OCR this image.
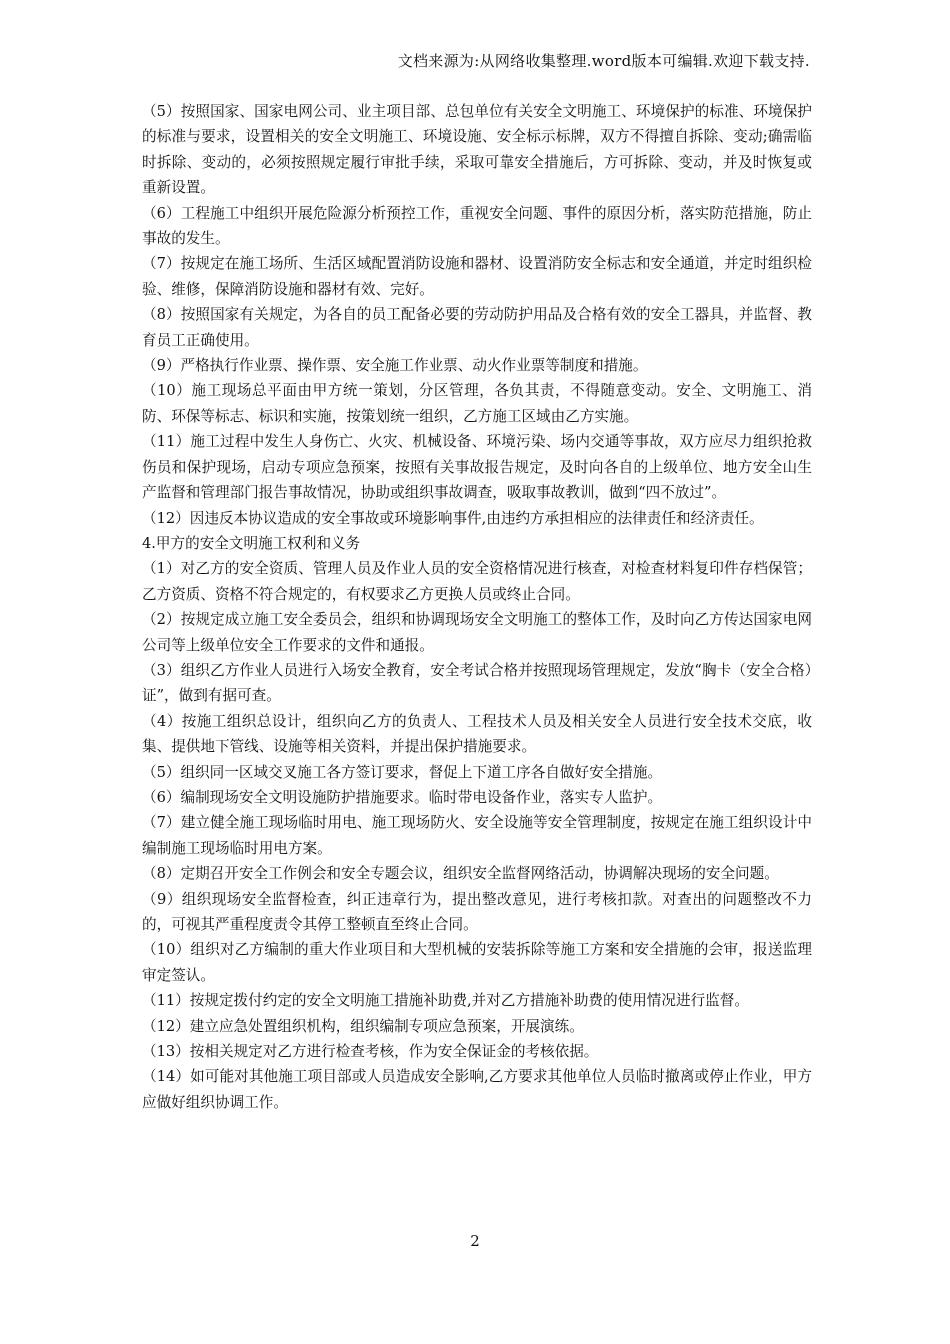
文档来源为:从网络收集整理.word版本可编辑.欢迎下载支持.

（5）按照国家、国家电网公司、业主项目部、总包单位有关安全文明施工、环境保护的标准、环境保护的标准与要求，设置相关的安全文明施工、环境设施、安全标示标牌，双方不得擅自拆除、变动;确需临时拆除、变动的，必须按照规定履行审批手续，采取可靠安全措施后，方可拆除、变动，并及时恢复或重新设置。

（6）工程施工中组织开展危险源分析预控工作，重视安全问题、事件的原因分析，落实防范措施，防止事故的发生。

（7）按规定在施工场所、生活区域配置消防设施和器材、设置消防安全标志和安全通道，并定时组织检验、维修，保障消防设施和器材有效、完好。

（8）按照国家有关规定，为各自的员工配备必要的劳动防护用品及合格有效的安全工器具，并监督、教育员工正确使用。

（9）严格执行作业票、操作票、安全施工作业票、动火作业票等制度和措施。

（10）施工现场总平面由甲方统一策划，分区管理，各负其责，不得随意变动。安全、文明施工、消防、环保等标志、标识和实施，按策划统一组织，乙方施工区域由乙方实施。

（11）施工过程中发生人身伤亡、火灾、机械设备、环境污染、场内交通等事故，双方应尽力组织抢救伤员和保护现场，启动专项应急预案，按照有关事故报告规定，及时向各自的上级单位、地方安全山生产监督和管理部门报告事故情况，协助或组织事故调查，吸取事故教训，做到“四不放过”。

（12）因违反本协议造成的安全事故或环境影响事件,由违约方承担相应的法律责任和经济责任。

4.甲方的安全文明施工权利和义务

（1）对乙方的安全资质、管理人员及作业人员的安全资格情况进行核查，对检查材料复印件存档保管；乙方资质、资格不符合规定的，有权要求乙方更换人员或终止合同。

（2）按规定成立施工安全委员会，组织和协调现场安全文明施工的整体工作，及时向乙方传达国家电网公司等上级单位安全工作要求的文件和通报。

（3）组织乙方作业人员进行入场安全教育，安全考试合格并按照现场管理规定，发放“胸卡（安全合格）证”，做到有据可查。

（4）按施工组织总设计，组织向乙方的负责人、工程技术人员及相关安全人员进行安全技术交底，收集、提供地下管线、设施等相关资料，并提出保护措施要求。

（5）组织同一区域交叉施工各方签订要求，督促上下道工序各自做好安全措施。

（6）编制现场安全文明设施防护措施要求。临时带电设备作业，落实专人监护。

（7）建立健全施工现场临时用电、施工现场防火、安全设施等安全管理制度，按规定在施工组织设计中编制施工现场临时用电方案。

（8）定期召开安全工作例会和安全专题会议，组织安全监督网络活动，协调解决现场的安全问题。

（9）组织现场安全监督检查，纠正违章行为，提出整改意见，进行考核扣款。对查出的问题整改不力的，可视其严重程度责令其停工整顿直至终止合同。

（10）组织对乙方编制的重大作业项目和大型机械的安装拆除等施工方案和安全措施的会审，报送监理审定签认。

（11）按规定拨付约定的安全文明施工措施补助费,并对乙方措施补助费的使用情况进行监督。

（12）建立应急处置组织机构，组织编制专项应急预案，开展演练。

（13）按相关规定对乙方进行检查考核，作为安全保证金的考核依据。

（14）如可能对其他施工项目部或人员造成安全影响,乙方要求其他单位人员临时撤离或停止作业，甲方应做好组织协调工作。

2
